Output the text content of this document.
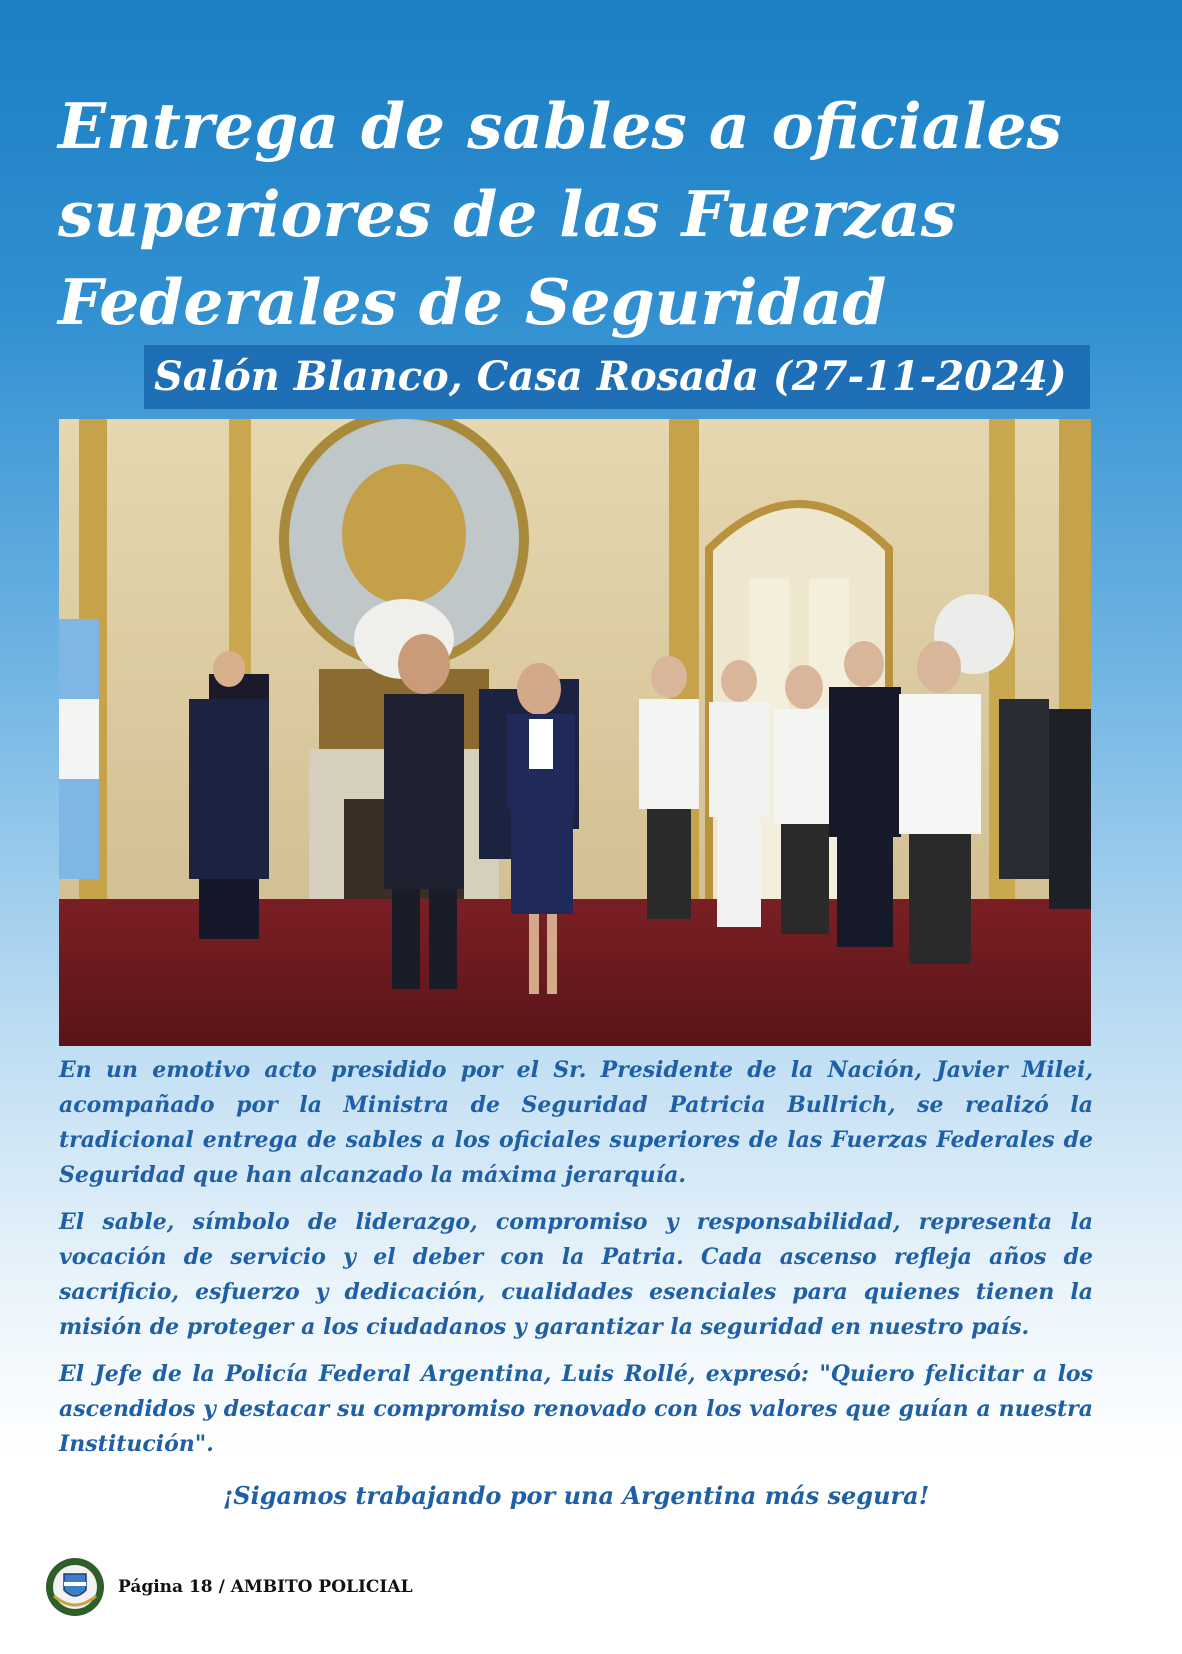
Entrega de sables a oficiales
superiores de las Fuerzas
Federales de Seguridad
Salón Blanco, Casa Rosada (27-11-2024)

En un emotivo acto presidido por el Sr. Presidente de la Nación, Javier Milei, acompañado por la Ministra de Seguridad Patricia Bullrich, se realizó la tradicional entrega de sables a los oficiales superiores de las Fuerzas Federales de Seguridad que han alcanzado la máxima jerarquía.

El sable, símbolo de liderazgo, compromiso y responsabilidad, representa la vocación de servicio y el deber con la Patria. Cada ascenso refleja años de sacrificio, esfuerzo y dedicación, cualidades esenciales para quienes tienen la misión de proteger a los ciudadanos y garantizar la seguridad en nuestro país.

El Jefe de la Policía Federal Argentina, Luis Rollé, expresó: "Quiero felicitar a los ascendidos y destacar su compromiso renovado con los valores que guían a nuestra Institución".

¡Sigamos trabajando por una Argentina más segura!

Página 18 / AMBITO POLICIAL
